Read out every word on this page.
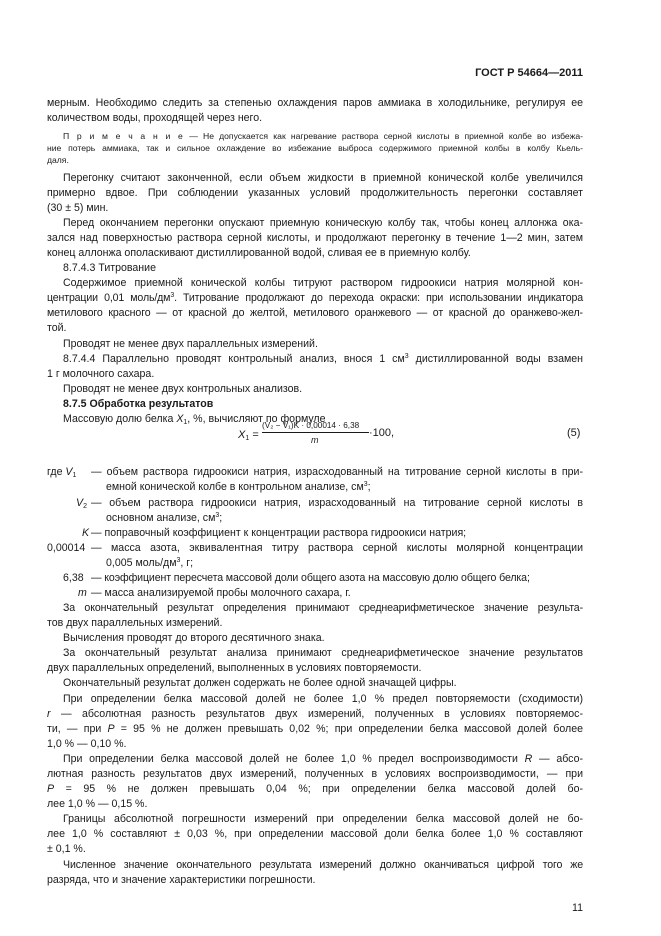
ГОСТ Р 54664—2011
мерным. Необходимо следить за степенью охлаждения паров аммиака в холодильнике, регулируя ее
количеством воды, проходящей через него.
П р и м е ч а н и е — Не допускается как нагревание раствора серной кислоты в приемной колбе во избежа-
ние потерь аммиака, так и сильное охлаждение во избежание выброса содержимого приемной колбы в колбу Кьель-
даля.
Перегонку считают законченной, если объем жидкости в приемной конической колбе увеличился
примерно вдвое. При соблюдении указанных условий продолжительность перегонки составляет
(30 ± 5) мин.
Перед окончанием перегонки опускают приемную коническую колбу так, чтобы конец аллонжа ока-
зался над поверхностью раствора серной кислоты, и продолжают перегонку в течение 1—2 мин, затем
конец аллонжа ополаскивают дистиллированной водой, сливая ее в приемную колбу.
8.7.4.3 Титрование
Содержимое приемной конической колбы титруют раствором гидроокиси натрия молярной кон-
центрации 0,01 моль/$дм^3$. Титрование продолжают до перехода окраски: при использовании индикатора
метилового красного — от красной до желтой, метилового оранжевого — от красной до оранжево-жел-
той.
Проводят не менее двух параллельных измерений.
8.7.4.4 Параллельно проводят контрольный анализ, внося 1 $см^3$ дистиллированной воды взамен
1 г молочного сахара.
Проводят не менее двух контрольных анализов.
8.7.5 Обработка результатов
Массовую долю белка $X_1$, %, вычисляют по формуле
$X_1$ =
(V₂ − V₁)K · 0,00014 · 6,38
m
·100,	(5)
где $V_1$ — объем раствора гидроокиси натрия, израсходованный на титрование серной кислоты в при-
емной конической колбе в контрольном анализе, $см^3$;
$V_2$ — объем раствора гидроокиси натрия, израсходованный на титрование серной кислоты в
основном анализе, $см^3$;
K — поправочный коэффициент к концентрации раствора гидроокиси натрия;
0,00014 — масса азота, эквивалентная титру раствора серной кислоты молярной концентрации
0,005 моль/$дм^3$, г;
6,38 — коэффициент пересчета массовой доли общего азота на массовую долю общего белка;
m — масса анализируемой пробы молочного сахара, г.
За окончательный результат определения принимают среднеарифметическое значение результа-
тов двух параллельных измерений.
Вычисления проводят до второго десятичного знака.
За окончательный результат анализа принимают среднеарифметическое значение результатов
двух параллельных определений, выполненных в условиях повторяемости.
Окончательный результат должен содержать не более одной значащей цифры.
При определении белка массовой долей не более 1,0 % предел повторяемости (сходимости)
r — абсолютная разность результатов двух измерений, полученных в условиях повторяемос-
ти, — при P = 95 % не должен превышать 0,02 %; при определении белка массовой долей более
1,0 % — 0,10 %.
При определении белка массовой долей не более 1,0 % предел воспроизводимости R — абсо-
лютная разность результатов двух измерений, полученных в условиях воспроизводимости, — при
P = 95 % не должен превышать 0,04 %; при определении белка массовой долей бо-
лее 1,0 % — 0,15 %.
Границы абсолютной погрешности измерений при определении белка массовой долей не бо-
лее 1,0 % составляют ± 0,03 %, при определении массовой доли белка более 1,0 % составляют
± 0,1 %.
Численное значение окончательного результата измерений должно оканчиваться цифрой того же
разряда, что и значение характеристики погрешности.
11
